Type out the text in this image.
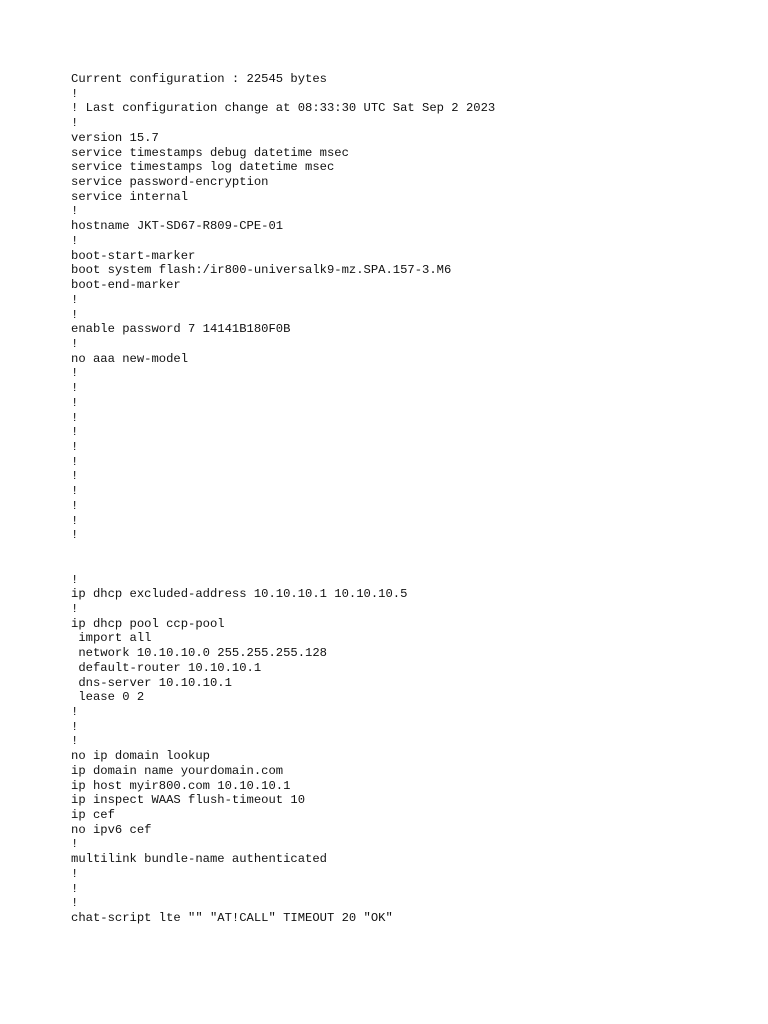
Current configuration : 22545 bytes
!
! Last configuration change at 08:33:30 UTC Sat Sep 2 2023
!
version 15.7
service timestamps debug datetime msec
service timestamps log datetime msec
service password-encryption
service internal
!
hostname JKT-SD67-R809-CPE-01
!
boot-start-marker
boot system flash:/ir800-universalk9-mz.SPA.157-3.M6
boot-end-marker
!
!
enable password 7 14141B180F0B
!
no aaa new-model
!
!
!
!
!
!
!
!
!
!
!
!
!
ip dhcp excluded-address 10.10.10.1 10.10.10.5
!
ip dhcp pool ccp-pool
import all
network 10.10.10.0 255.255.255.128
default-router 10.10.10.1
dns-server 10.10.10.1
lease 0 2
!
!
!
no ip domain lookup
ip domain name yourdomain.com
ip host myir800.com 10.10.10.1
ip inspect WAAS flush-timeout 10
ip cef
no ipv6 cef
!
multilink bundle-name authenticated
!
!
!
chat-script lte "" "AT!CALL" TIMEOUT 20 "OK"
